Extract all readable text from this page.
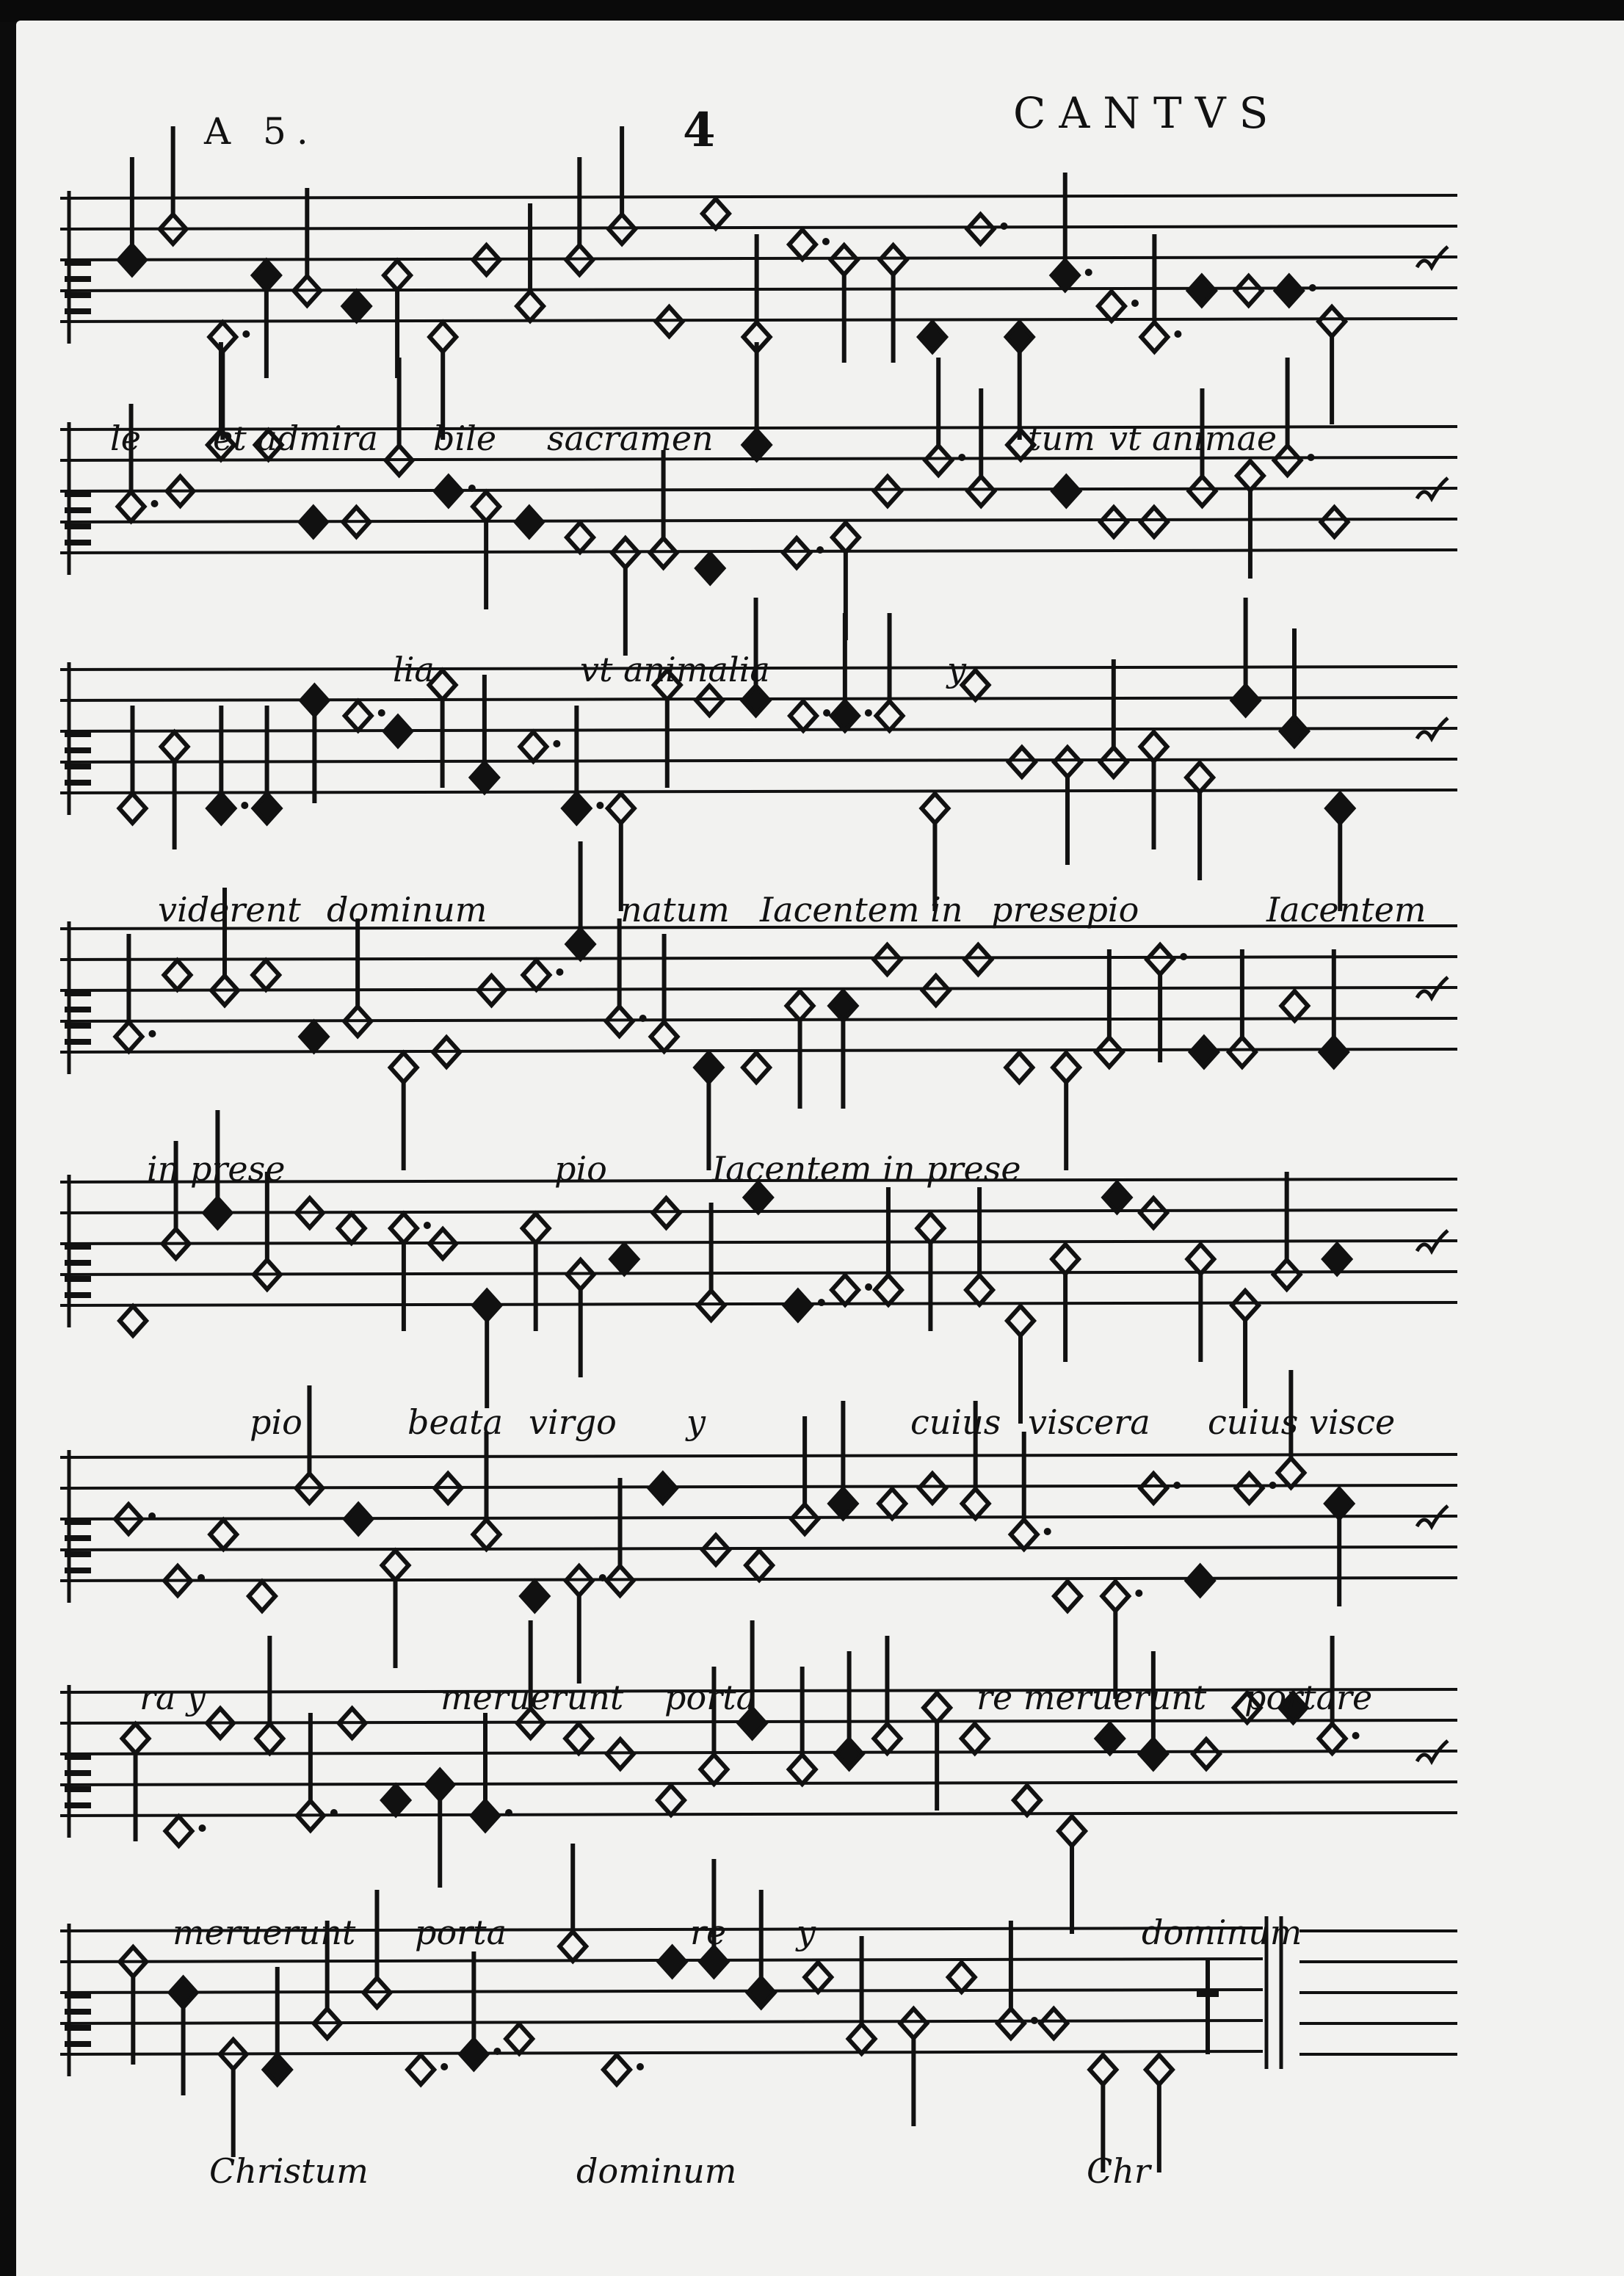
A 5.	4	CANTVS
le et admira bile sacramen	tum vt animae
lia	vt animalia	y
viderent dominum	natum Iacentem in presepio	Iacentem
in prese	pio	Iacentem in prese
pio	beata virgo y	cuius viscera cuius visce
ra y	meruerunt porta	re meruerunt portare
meruerunt porta	re y	dominum
Christum	dominum	Chr
